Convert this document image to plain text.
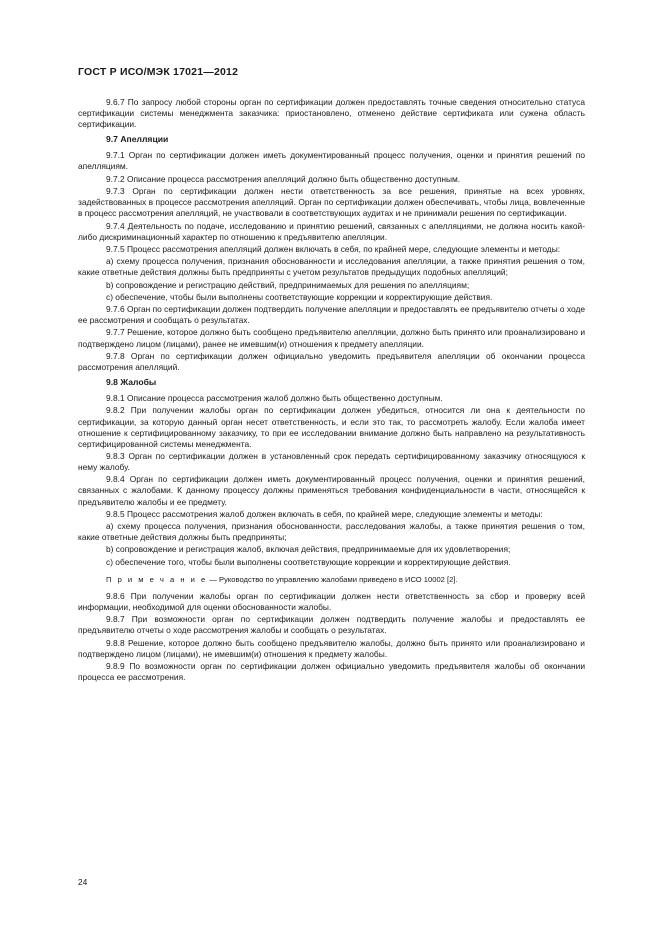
ГОСТ Р ИСО/МЭК 17021—2012

9.6.7 По запросу любой стороны орган по сертификации должен предоставлять точные сведения относительно статуса сертификации системы менеджмента заказчика: приостановлено, отменено действие сертификата или сужена область сертификации.

9.7 Апелляции

9.7.1 Орган по сертификации должен иметь документированный процесс получения, оценки и принятия решений по апелляциям.

9.7.2 Описание процесса рассмотрения апелляций должно быть общественно доступным.

9.7.3 Орган по сертификации должен нести ответственность за все решения, принятые на всех уровнях, задействованных в процессе рассмотрения апелляций. Орган по сертификации должен обеспечивать, чтобы лица, вовлеченные в процесс рассмотрения апелляций, не участвовали в соответствующих аудитах и не принимали решения по сертификации.

9.7.4 Деятельность по подаче, исследованию и принятию решений, связанных с апелляциями, не должна носить какой-либо дискриминационный характер по отношению к предъявителю апелляции.

9.7.5 Процесс рассмотрения апелляций должен включать в себя, по крайней мере, следующие элементы и методы:

а) схему процесса получения, признания обоснованности и исследования апелляции, а также принятия решения о том, какие ответные действия должны быть предприняты с учетом результатов предыдущих подобных апелляций;

b) сопровождение и регистрацию действий, предпринимаемых для решения по апелляциям;

c) обеспечение, чтобы были выполнены соответствующие коррекции и корректирующие действия.

9.7.6 Орган по сертификации должен подтвердить получение апелляции и предоставлять ее предъявителю отчеты о ходе ее рассмотрения и сообщать о результатах.

9.7.7 Решение, которое должно быть сообщено предъявителю апелляции, должно быть принято или проанализировано и подтверждено лицом (лицами), ранее не имевшим(и) отношения к предмету апелляции.

9.7.8 Орган по сертификации должен официально уведомить предъявителя апелляции об окончании процесса рассмотрения апелляций.

9.8 Жалобы

9.8.1 Описание процесса рассмотрения жалоб должно быть общественно доступным.

9.8.2 При получении жалобы орган по сертификации должен убедиться, относится ли она к деятельности по сертификации, за которую данный орган несет ответственность, и если это так, то рассмотреть жалобу. Если жалоба имеет отношение к сертифицированному заказчику, то при ее исследовании внимание должно быть направлено на результативность сертифицированной системы менеджмента.

9.8.3 Орган по сертификации должен в установленный срок передать сертифицированному заказчику относящуюся к нему жалобу.

9.8.4 Орган по сертификации должен иметь документированный процесс получения, оценки и принятия решений, связанных с жалобами. К данному процессу должны применяться требования конфиденциальности в части, относящейся к предъявителю жалобы и ее предмету.

9.8.5 Процесс рассмотрения жалоб должен включать в себя, по крайней мере, следующие элементы и методы:

а) схему процесса получения, признания обоснованности, расследования жалобы, а также принятия решения о том, какие ответные действия должны быть предприняты;

b) сопровождение и регистрация жалоб, включая действия, предпринимаемые для их удовлетворения;

c) обеспечение того, чтобы были выполнены соответствующие коррекции и корректирующие действия.

П р и м е ч а н и е — Руководство по управлению жалобами приведено в ИСО 10002 [2].

9.8.6 При получении жалобы орган по сертификации должен нести ответственность за сбор и проверку всей информации, необходимой для оценки обоснованности жалобы.

9.8.7 При возможности орган по сертификации должен подтвердить получение жалобы и предоставлять ее предъявителю отчеты о ходе рассмотрения жалобы и сообщать о результатах.

9.8.8 Решение, которое должно быть сообщено предъявителю жалобы, должно быть принято или проанализировано и подтверждено лицом (лицами), не имевшим(и) отношения к предмету жалобы.

9.8.9 По возможности орган по сертификации должен официально уведомить предъявителя жалобы об окончании процесса ее рассмотрения.

24
